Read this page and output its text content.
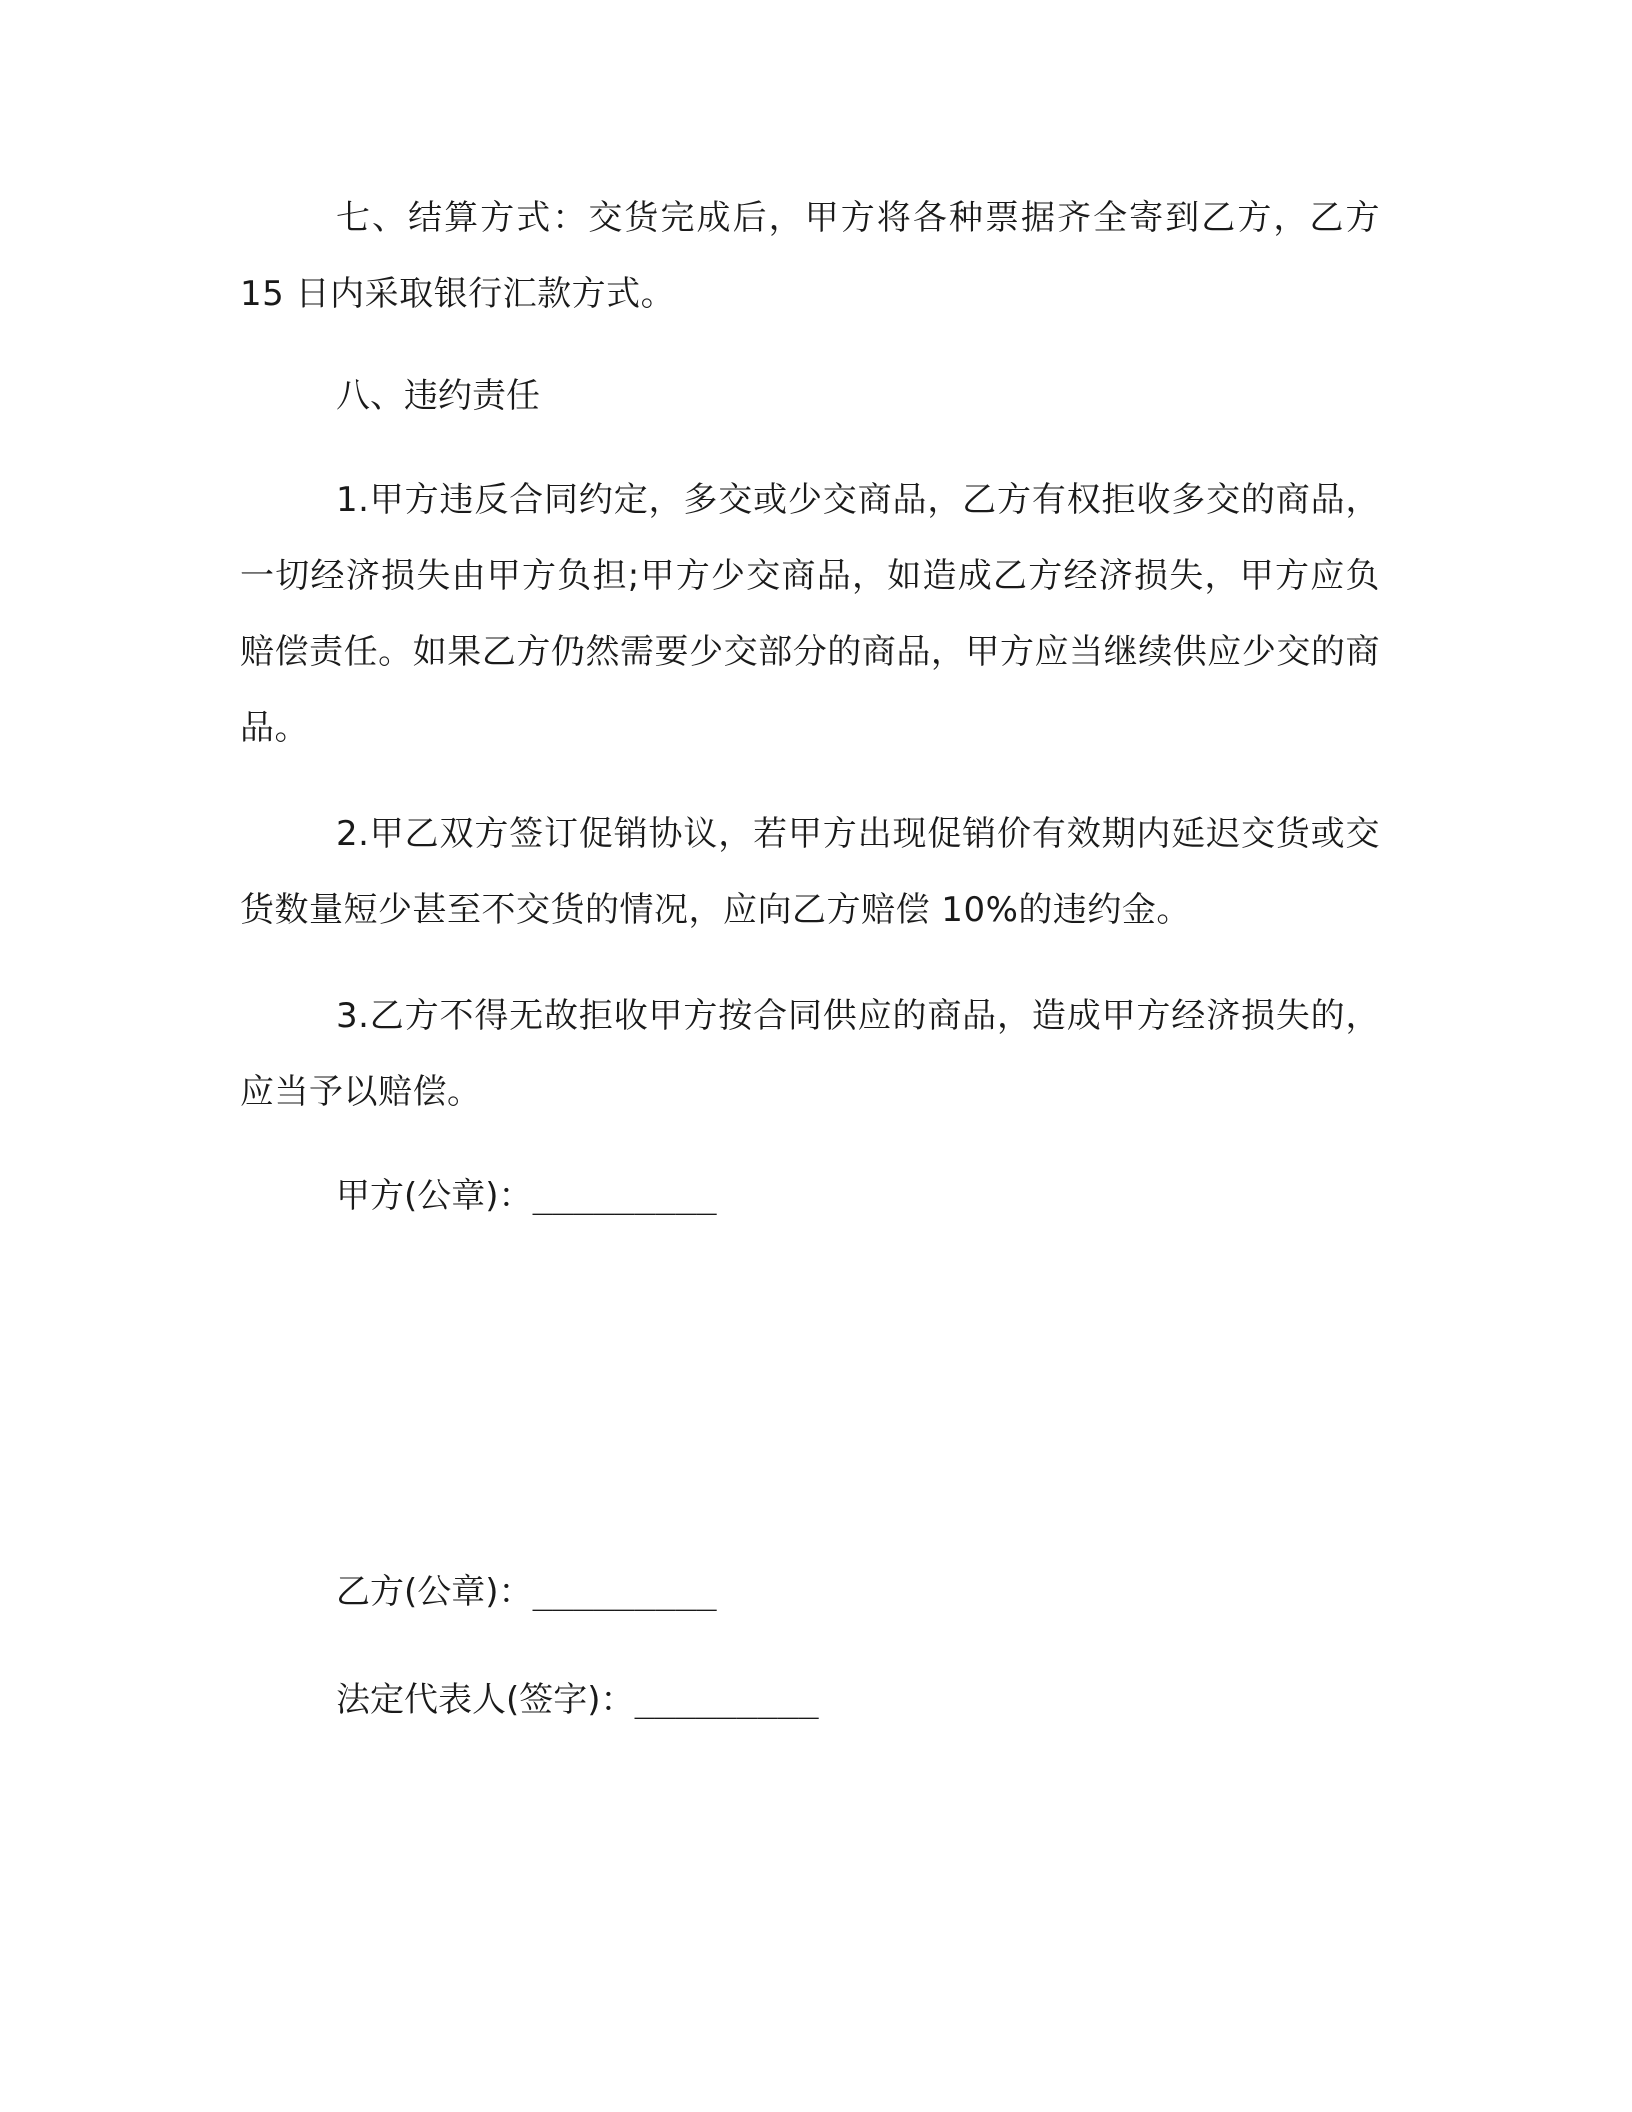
七、结算方式：交货完成后，甲方将各种票据齐全寄到乙方，乙方 15 日内采取银行汇款方式。

八、违约责任

1.甲方违反合同约定，多交或少交商品，乙方有权拒收多交的商品，一切经济损失由甲方负担;甲方少交商品，如造成乙方经济损失，甲方应负赔偿责任。如果乙方仍然需要少交部分的商品，甲方应当继续供应少交的商品。

2.甲乙双方签订促销协议，若甲方出现促销价有效期内延迟交货或交货数量短少甚至不交货的情况，应向乙方赔偿 10%的违约金。

3.乙方不得无故拒收甲方按合同供应的商品，造成甲方经济损失的，应当予以赔偿。

甲方(公章)：_________
乙方(公章)：_________
法定代表人(签字)：_________
